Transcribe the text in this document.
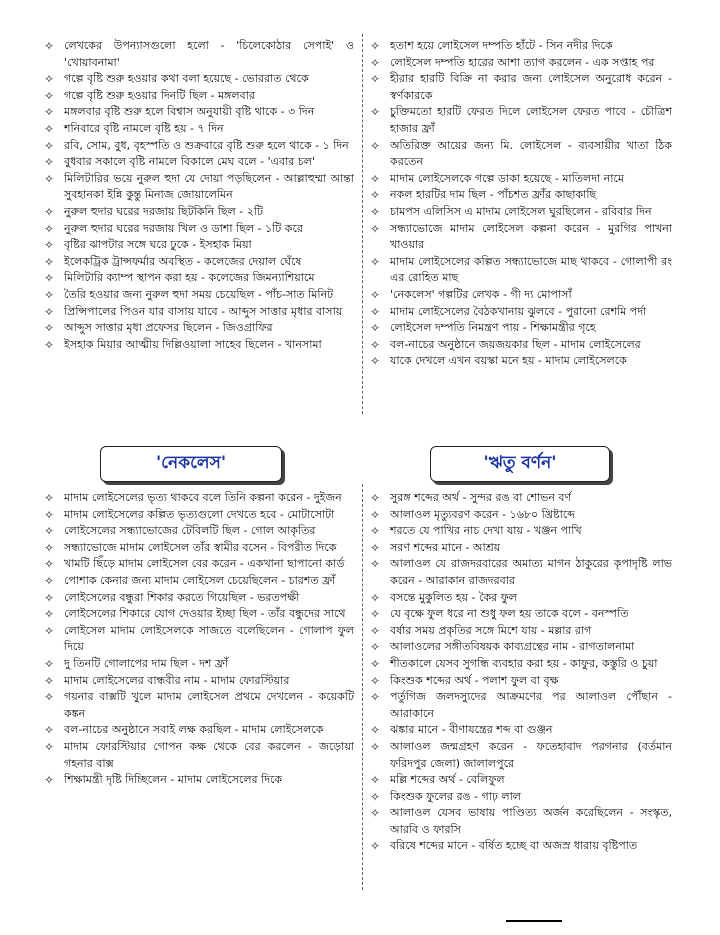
✧ লেখকের উপন্যাসগুলো হলো - 'চিলেকোঠার সেপাই' ও 'খোয়াবনামা'
✧ গল্পে বৃষ্টি শুরু হওয়ার কথা বলা হয়েছে - ভোররাত থেকে
✧ গল্পে বৃষ্টি শুরু হওয়ার দিনটি ছিল - মঙ্গলবার
✧ মঙ্গলবার বৃষ্টি শুরু হলে বিশ্বাস অনুযায়ী বৃষ্টি থাকে - ৩ দিন
✧ শনিবারে বৃষ্টি নামলে বৃষ্টি হয় - ৭ দিন
✧ রবি, সোম, বুধ, বৃহস্পতি ও শুক্রবারে বৃষ্টি শুরু হলে থাকে - ১ দিন
✧ বুধবার সকালে বৃষ্টি নামলে বিকালে মেঘ বলে - 'এবার চল'
✧ মিলিটারির ভয়ে নুরুল হুদা যে দোয়া পড়ছিলেন - আল্লাহুম্মা আন্তা সুবহানকা ইন্নি কুন্তু মিনাজ জোয়ালেমিন
✧ নুরুল হুদার ঘরের দরজায় ছিটকিনি ছিল - ২টি
✧ নুরুল হুদার ঘরের দরজায় খিল ও ডাশা ছিল - ১টি করে
✧ বৃষ্টির ঝাপটার সঙ্গে ঘরে ঢুকে - ইসহাক মিয়া
✧ ইলেকট্রিক ট্রান্সফর্মার অবস্থিত - কলেজের দেয়াল ঘেঁষে
✧ মিলিটারি ক্যাম্প স্থাপন করা হয় - কলেজের জিমন্যাশিয়ামে
✧ তৈরি হওয়ার জন্য নুরুল হুদা সময় চেয়েছিল - পাঁচ-সাত মিনিট
✧ প্রিন্সিপালের পিওন যার বাসায় যাবে - আব্দুস সাত্তার মৃধার বাসায়
✧ আব্দুস সাত্তার মৃধা প্রফেসর ছিলেন - জিওগ্রাফির
✧ ইসহাক মিয়ার আত্মীয় দিল্লিওয়ালা সাহেব ছিলেন - খানসামা
✧ হতাশ হয়ে লোইসেল দম্পতি হাঁটে - সিন নদীর দিকে
✧ লোইসেল দম্পতি হারের আশা ত্যাগ করলেন - এক সপ্তাহ পর
✧ হীরার হারটি বিক্রি না করার জন্য লোইসেল অনুরোধ করেন - স্বর্ণকারকে
✧ চুক্তিমতো হারটি ফেরত দিলে লোইসেল ফেরত পাবে - চৌত্রিশ হাজার ফ্রাঁ
✧ অতিরিক্ত আয়ের জন্য মি. লোইসেল - ব্যবসায়ীর খাতা ঠিক করতেন
✧ মাদাম লোইসেলকে গল্পে ডাকা হয়েছে - মাতিলদা নামে
✧ নকল হারটির দাম ছিল - পাঁচশত ফ্রাঁর কাছাকাছি
✧ চামপস এলিসিস এ মাদাম লোইসেল ঘুরছিলেন - রবিবার দিন
✧ সন্ধ্যাভোজে মাদাম লোইসেল কল্পনা করেন - মুরগির পাখনা খাওয়ার
✧ মাদাম লোইসেলের কল্পিত সন্ধ্যাভোজে মাছ থাকবে - গোলাপী রং এর রোহিত মাছ
✧ 'নেকলেস' গল্পটির লেখক - গী দ্য মোপাসাঁ
✧ মাদাম লোইসেলের বৈঠকখানায় ঝুলবে - পুরানো রেশমি পর্দা
✧ লোইসেল দম্পতি নিমন্ত্রণ পায় - শিক্ষামন্ত্রীর গৃহে
✧ বল-নাচের অনুষ্ঠানে জয়জয়কার ছিল - মাদাম লোইসেলের
✧ যাকে দেখলে এখন বয়স্কা মনে হয় - মাদাম লোইসেলকে
'নেকলেস'	'ঋতু বর্ণন'
✧ মাদাম লোইসেলের ভৃত্য থাকবে বলে তিনি কল্পনা করেন - দুইজন
✧ মাদাম লোইসেলের কল্পিত ভৃত্যগুলো দেখতে হবে - মোটাসোটা
✧ লোইসেলের সন্ধ্যাভোজের টেবিলটি ছিল - গোল আকৃতির
✧ সন্ধ্যাভোজে মাদাম লোইসেল তাঁর স্বামীর বসেন - বিপরীত দিকে
✧ খামটি ছিঁড়ে মাদাম লোইসেল বের করেন - একখানা ছাপানো কার্ড
✧ পোশাক কেনার জন্য মাদাম লোইসেল চেয়েছিলেন - চারশত ফ্রাঁ
✧ লোইসেলের বন্ধুরা শিকার করতে গিয়েছিল - ভরতপক্ষী
✧ লোইসেলের শিকারে যোগ দেওয়ার ইচ্ছা ছিল - তাঁর বন্ধুদের সাথে
✧ লোইসেল মাদাম লোইসেলকে সাজতে বলেছিলেন - গোলাপ ফুল দিয়ে
✧ দু তিনটি গোলাপের দাম ছিল - দশ ফ্রাঁ
✧ মাদাম লোইসেলের বান্ধবীর নাম - মাদাম ফোরস্টিয়ার
✧ গয়নার বাক্সটি খুলে মাদাম লোইসেল প্রথমে দেখলেন - কয়েকটি কঙ্কন
✧ বল-নাচের অনুষ্ঠানে সবাই লক্ষ করছিল - মাদাম লোইসেলকে
✧ মাদাম ফোরস্টিয়ার গোপন কক্ষ থেকে বের করলেন - জড়োয়া গহনার বাক্স
✧ শিক্ষামন্ত্রী দৃষ্টি দিচ্ছিলেন - মাদাম লোইসেলের দিকে
✧ সুরঙ্গ শব্দের অর্থ - সুন্দর রঙ বা শোভন বর্ণ
✧ আলাওল মৃত্যুবরণ করেন - ১৬৮০ খ্রিষ্টাব্দে
✧ শরতে যে পাখির নাচ দেখা যায় - খঞ্জন পাখি
✧ সরণ শব্দের মানে - আশ্রয়
✧ আলাওল যে রাজদরবারের অমাত্য মাগন ঠাকুরের কৃপাদৃষ্টি লাভ করেন - আরাকান রাজদরবার
✧ বসন্তে মুকুলিত হয় - কৈর ফুল
✧ যে বৃক্ষে ফুল ধরে না শুধু ফল হয় তাকে বলে - বনস্পতি
✧ বর্ষার সময় প্রকৃতির সঙ্গে মিশে যায় - মল্লার রাগ
✧ আলাওলের সঙ্গীতবিষয়ক কাব্যগ্রন্থের নাম - রাগতালনামা
✧ শীতকালে যেসব সুগন্ধি ব্যবহার করা হয় - কাফুর, কস্তুরি ও চুয়া
✧ কিংশুক শব্দের অর্থ - পলাশ ফুল বা বৃক্ষ
✧ পর্তুগিজ জলদস্যুদের আক্রমণের পর আলাওল পৌঁছান - আরাকানে
✧ ঝঙ্কার মানে - বীণাযন্ত্রের শব্দ বা গুঞ্জন
✧ আলাওল জন্মগ্রহণ করেন - ফতেহাবাদ পরগনার (বর্তমান ফরিদপুর জেলা) জালালপুরে
✧ মল্লি শব্দের অর্থ - বেলিফুল
✧ কিংশুক ফুলের রঙ - গাঢ় লাল
✧ আলাওল যেসব ভাষায় পাণ্ডিত্য অর্জন করেছিলেন - সংস্কৃত, আরবি ও ফারসি
✧ বরিষে শব্দের মানে - বর্ষিত হচ্ছে বা অজস্র ধারায় বৃষ্টিপাত
